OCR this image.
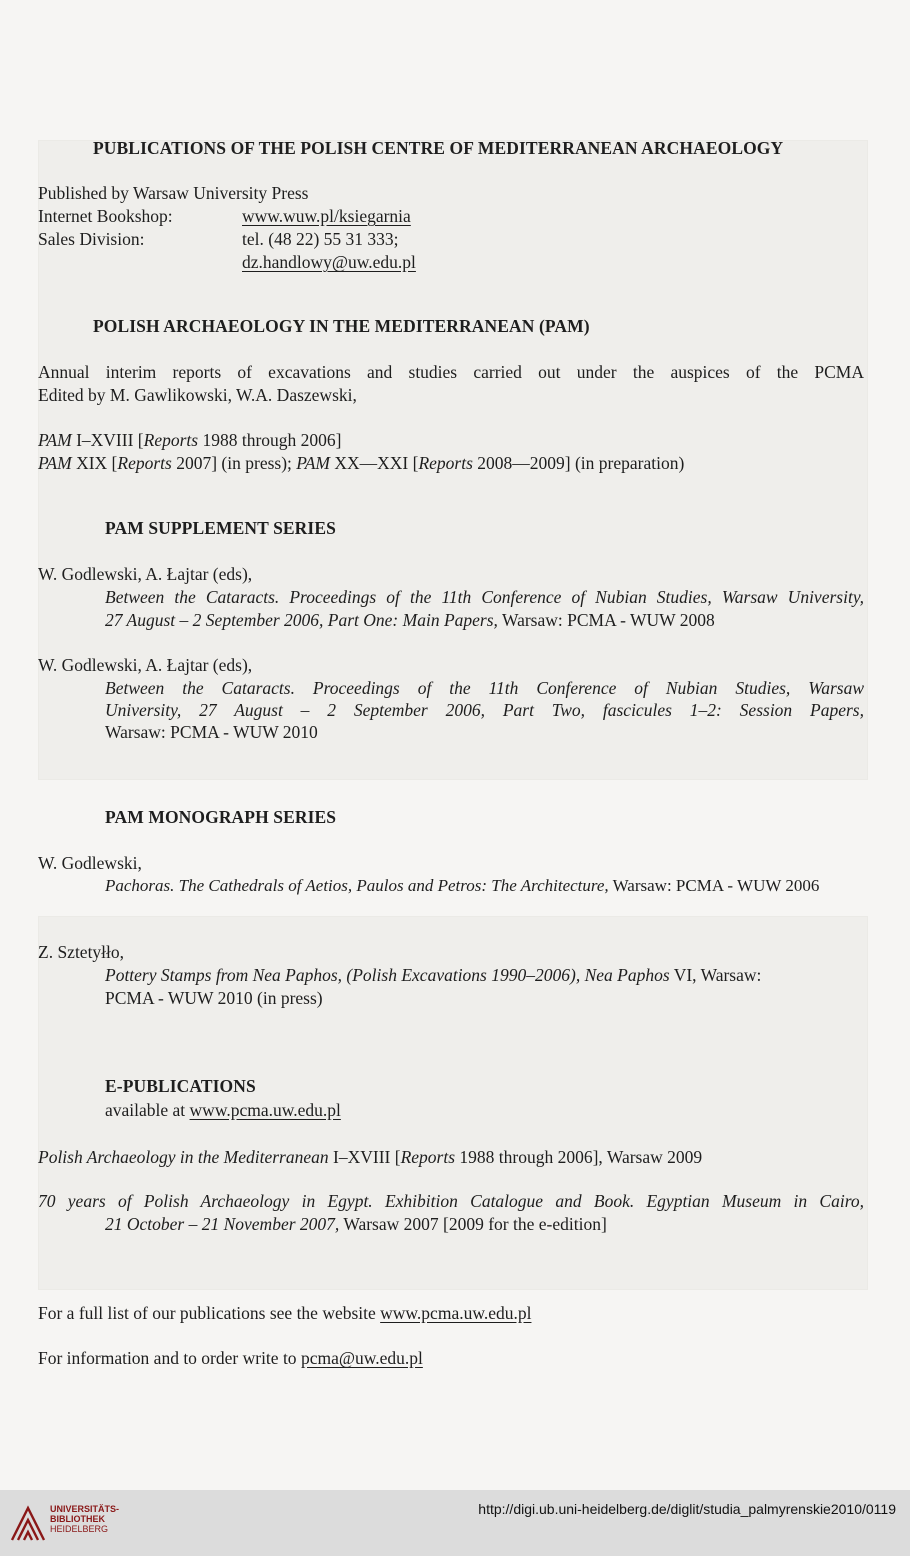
PUBLICATIONS OF THE POLISH CENTRE OF MEDITERRANEAN ARCHAEOLOGY
Published by Warsaw University Press
Internet Bookshop:	www.wuw.pl/ksiegarnia
Sales Division:	tel. (48 22) 55 31 333;
dz.handlowy@uw.edu.pl
POLISH ARCHAEOLOGY IN THE MEDITERRANEAN (PAM)
Annual interim reports of excavations and studies carried out under the auspices of the PCMA
Edited by M. Gawlikowski, W.A. Daszewski,
PAM I–XVIII [Reports 1988 through 2006]
PAM XIX [Reports 2007] (in press); PAM XX—XXI [Reports 2008—2009] (in preparation)
PAM SUPPLEMENT SERIES
W. Godlewski, A. Łajtar (eds),
Between the Cataracts. Proceedings of the 11th Conference of Nubian Studies, Warsaw University,
27 August – 2 September 2006, Part One: Main Papers, Warsaw: PCMA - WUW 2008
W. Godlewski, A. Łajtar (eds),
Between the Cataracts. Proceedings of the 11th Conference of Nubian Studies, Warsaw
University, 27 August – 2 September 2006, Part Two, fascicules 1–2: Session Papers,
Warsaw: PCMA - WUW 2010
PAM MONOGRAPH SERIES
W. Godlewski,
Pachoras. The Cathedrals of Aetios, Paulos and Petros: The Architecture, Warsaw: PCMA - WUW 2006
Z. Sztetyłło,
Pottery Stamps from Nea Paphos, (Polish Excavations 1990–2006), Nea Paphos VI, Warsaw:
PCMA - WUW 2010 (in press)
E-PUBLICATIONS
available at www.pcma.uw.edu.pl
Polish Archaeology in the Mediterranean I–XVIII [Reports 1988 through 2006], Warsaw 2009
70 years of Polish Archaeology in Egypt. Exhibition Catalogue and Book. Egyptian Museum in Cairo,
21 October – 21 November 2007, Warsaw 2007 [2009 for the e-edition]
For a full list of our publications see the website www.pcma.uw.edu.pl
For information and to order write to pcma@uw.edu.pl
UNIVERSITÄTS-
BIBLIOTHEK
HEIDELBERG
http://digi.ub.uni-heidelberg.de/diglit/studia_palmyrenskie2010/0119
